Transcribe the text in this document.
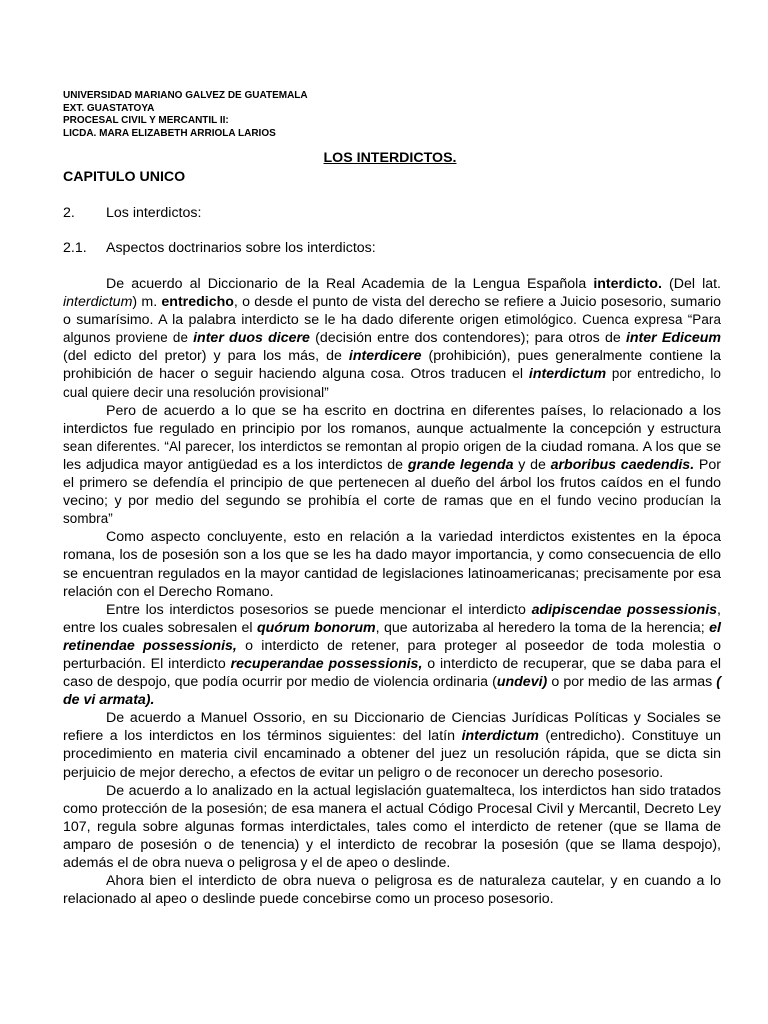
UNIVERSIDAD MARIANO GALVEZ DE GUATEMALA
EXT. GUASTATOYA
PROCESAL CIVIL Y MERCANTIL II:
LICDA. MARA ELIZABETH ARRIOLA LARIOS
LOS INTERDICTOS.
CAPITULO UNICO
2. Los interdictos:
2.1. Aspectos doctrinarios sobre los interdictos:

De acuerdo al Diccionario de la Real Academia de la Lengua Española interdicto. (Del lat. interdictum) m. entredicho, o desde el punto de vista del derecho se refiere a Juicio posesorio, sumario o sumarísimo. A la palabra interdicto se le ha dado diferente origen etimológico. Cuenca expresa “Para algunos proviene de inter duos dicere (decisión entre dos contendores); para otros de inter Ediceum (del edicto del pretor) y para los más, de interdicere (prohibición), pues generalmente contiene la prohibición de hacer o seguir haciendo alguna cosa. Otros traducen el interdictum por entredicho, lo cual quiere decir una resolución provisional”

Pero de acuerdo a lo que se ha escrito en doctrina en diferentes países, lo relacionado a los interdictos fue regulado en principio por los romanos, aunque actualmente la concepción y estructura sean diferentes. “Al parecer, los interdictos se remontan al propio origen de la ciudad romana. A los que se les adjudica mayor antigüedad es a los interdictos de grande legenda y de arboribus caedendis. Por el primero se defendía el principio de que pertenecen al dueño del árbol los frutos caídos en el fundo vecino; y por medio del segundo se prohibía el corte de ramas que en el fundo vecino producían la sombra”

Como aspecto concluyente, esto en relación a la variedad interdictos existentes en la época romana, los de posesión son a los que se les ha dado mayor importancia, y como consecuencia de ello se encuentran regulados en la mayor cantidad de legislaciones latinoamericanas; precisamente por esa relación con el Derecho Romano.

Entre los interdictos posesorios se puede mencionar el interdicto adipiscendae possessionis, entre los cuales sobresalen el quórum bonorum, que autorizaba al heredero la toma de la herencia; el retinendae possessionis, o interdicto de retener, para proteger al poseedor de toda molestia o perturbación. El interdicto recuperandae possessionis, o interdicto de recuperar, que se daba para el caso de despojo, que podía ocurrir por medio de violencia ordinaria (undevi) o por medio de las armas ( de vi armata).

De acuerdo a Manuel Ossorio, en su Diccionario de Ciencias Jurídicas Políticas y Sociales se refiere a los interdictos en los términos siguientes: del latín interdictum (entredicho). Constituye un procedimiento en materia civil encaminado a obtener del juez un resolución rápida, que se dicta sin perjuicio de mejor derecho, a efectos de evitar un peligro o de reconocer un derecho posesorio.

De acuerdo a lo analizado en la actual legislación guatemalteca, los interdictos han sido tratados como protección de la posesión; de esa manera el actual Código Procesal Civil y Mercantil, Decreto Ley 107, regula sobre algunas formas interdictales, tales como el interdicto de retener (que se llama de amparo de posesión o de tenencia) y el interdicto de recobrar la posesión (que se llama despojo), además el de obra nueva o peligrosa y el de apeo o deslinde.

Ahora bien el interdicto de obra nueva o peligrosa es de naturaleza cautelar, y en cuando a lo relacionado al apeo o deslinde puede concebirse como un proceso posesorio.
